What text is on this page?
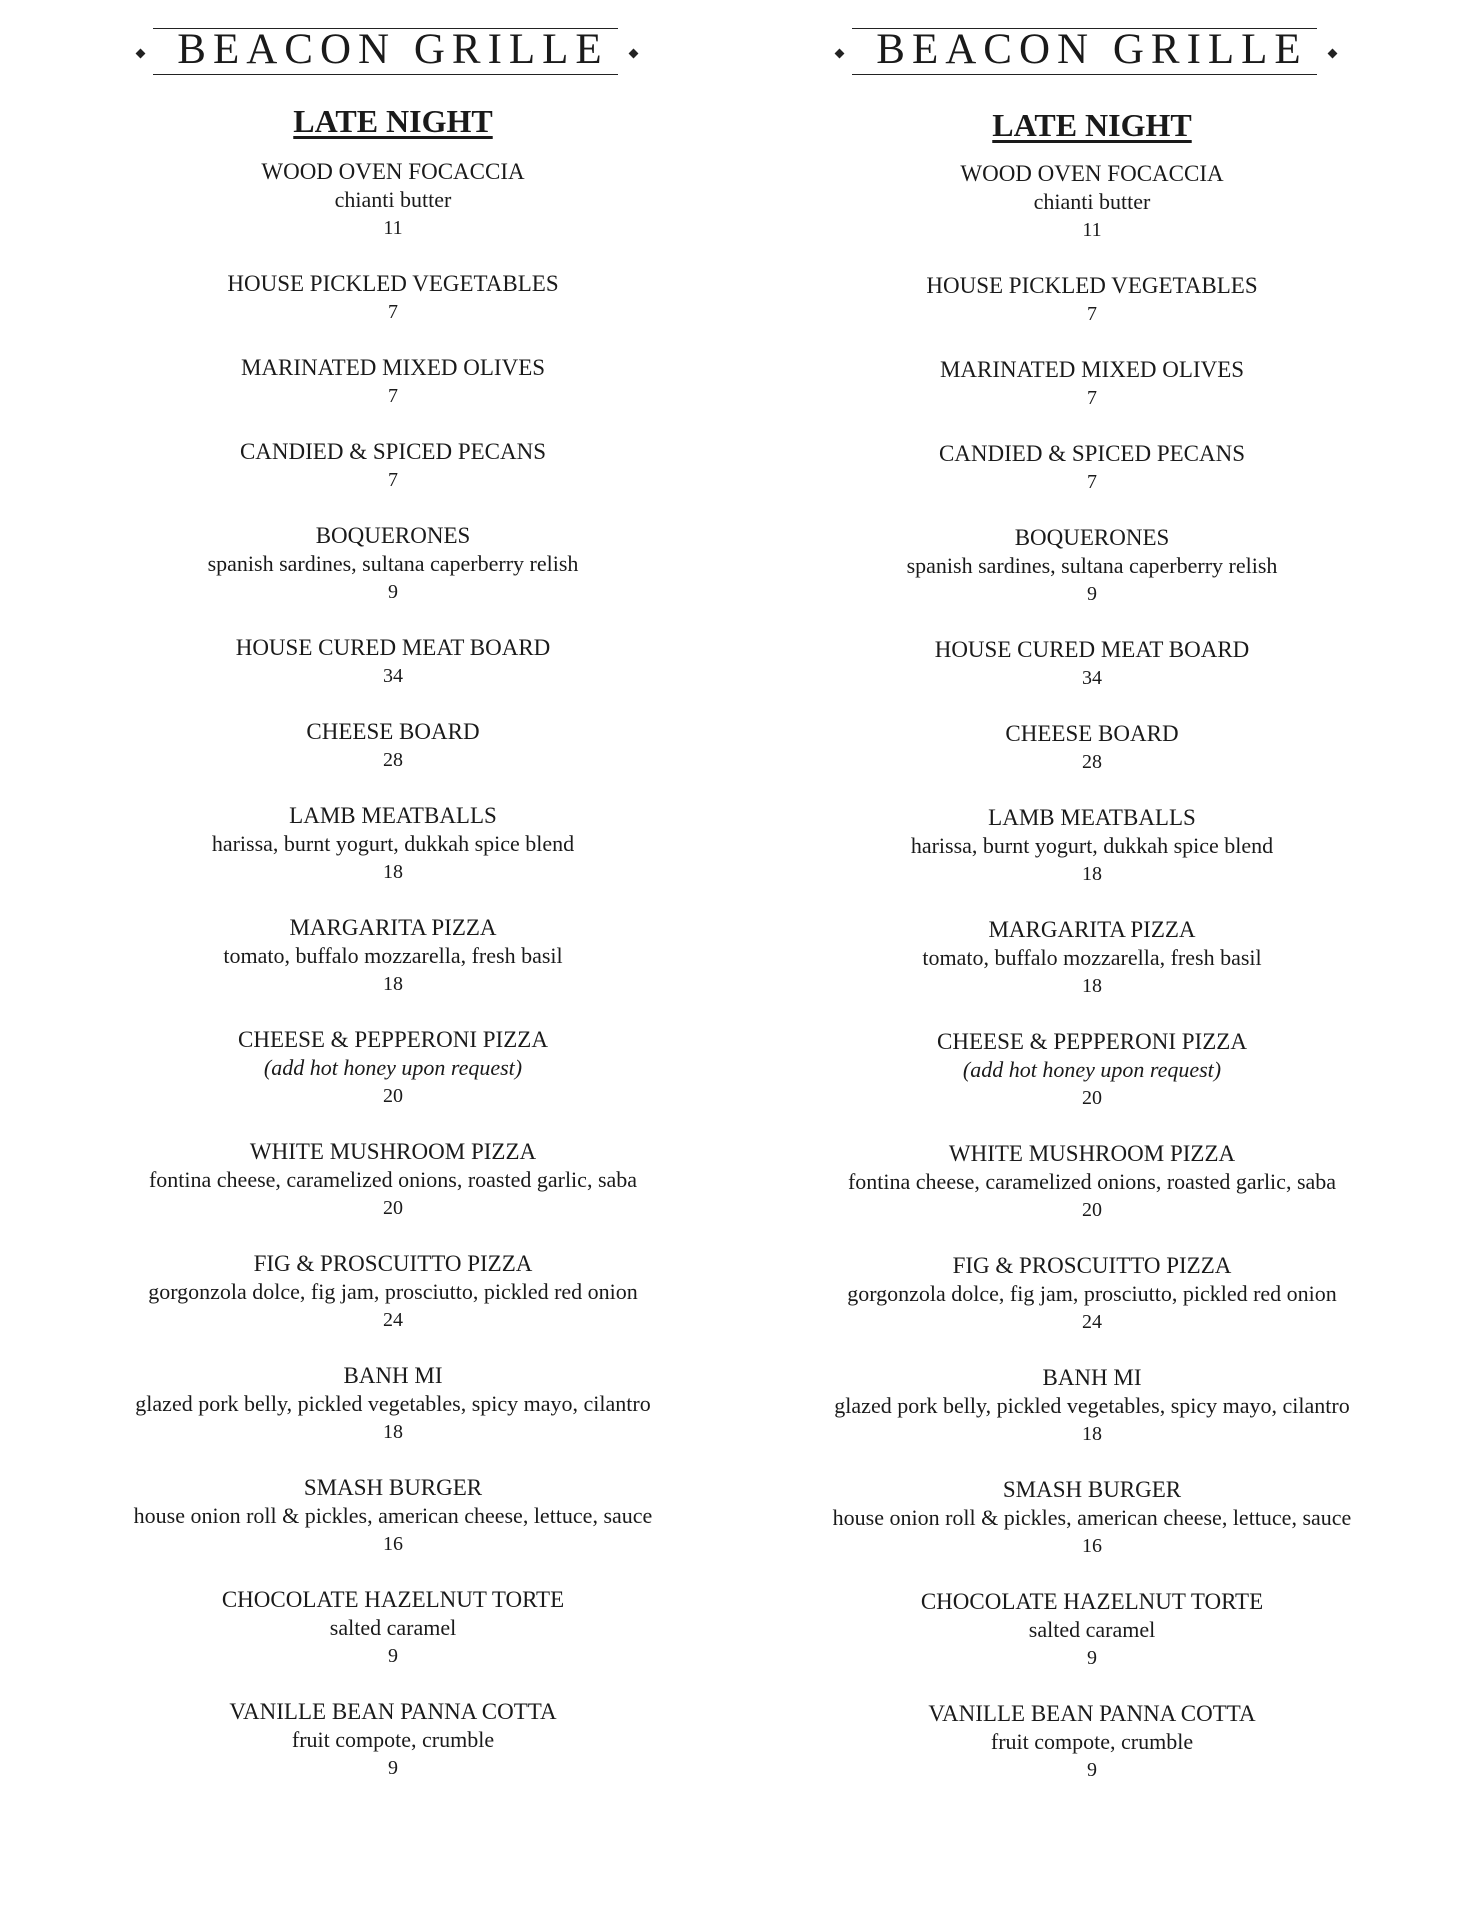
BEACON GRILLE
LATE NIGHT
WOOD OVEN FOCACCIA
chianti butter
11
HOUSE PICKLED VEGETABLES
7
MARINATED MIXED OLIVES
7
CANDIED & SPICED PECANS
7
BOQUERONES
spanish sardines, sultana caperberry relish
9
HOUSE CURED MEAT BOARD
34
CHEESE BOARD
28
LAMB MEATBALLS
harissa, burnt yogurt, dukkah spice blend
18
MARGARITA PIZZA
tomato, buffalo mozzarella, fresh basil
18
CHEESE & PEPPERONI PIZZA
(add hot honey upon request)
20
WHITE MUSHROOM PIZZA
fontina cheese, caramelized onions, roasted garlic, saba
20
FIG & PROSCUITTO PIZZA
gorgonzola dolce, fig jam, prosciutto, pickled red onion
24
BANH MI
glazed pork belly, pickled vegetables, spicy mayo, cilantro
18
SMASH BURGER
house onion roll & pickles, american cheese, lettuce, sauce
16
CHOCOLATE HAZELNUT TORTE
salted caramel
9
VANILLE BEAN PANNA COTTA
fruit compote, crumble
9
BEACON GRILLE
LATE NIGHT
WOOD OVEN FOCACCIA
chianti butter
11
HOUSE PICKLED VEGETABLES
7
MARINATED MIXED OLIVES
7
CANDIED & SPICED PECANS
7
BOQUERONES
spanish sardines, sultana caperberry relish
9
HOUSE CURED MEAT BOARD
34
CHEESE BOARD
28
LAMB MEATBALLS
harissa, burnt yogurt, dukkah spice blend
18
MARGARITA PIZZA
tomato, buffalo mozzarella, fresh basil
18
CHEESE & PEPPERONI PIZZA
(add hot honey upon request)
20
WHITE MUSHROOM PIZZA
fontina cheese, caramelized onions, roasted garlic, saba
20
FIG & PROSCUITTO PIZZA
gorgonzola dolce, fig jam, prosciutto, pickled red onion
24
BANH MI
glazed pork belly, pickled vegetables, spicy mayo, cilantro
18
SMASH BURGER
house onion roll & pickles, american cheese, lettuce, sauce
16
CHOCOLATE HAZELNUT TORTE
salted caramel
9
VANILLE BEAN PANNA COTTA
fruit compote, crumble
9
